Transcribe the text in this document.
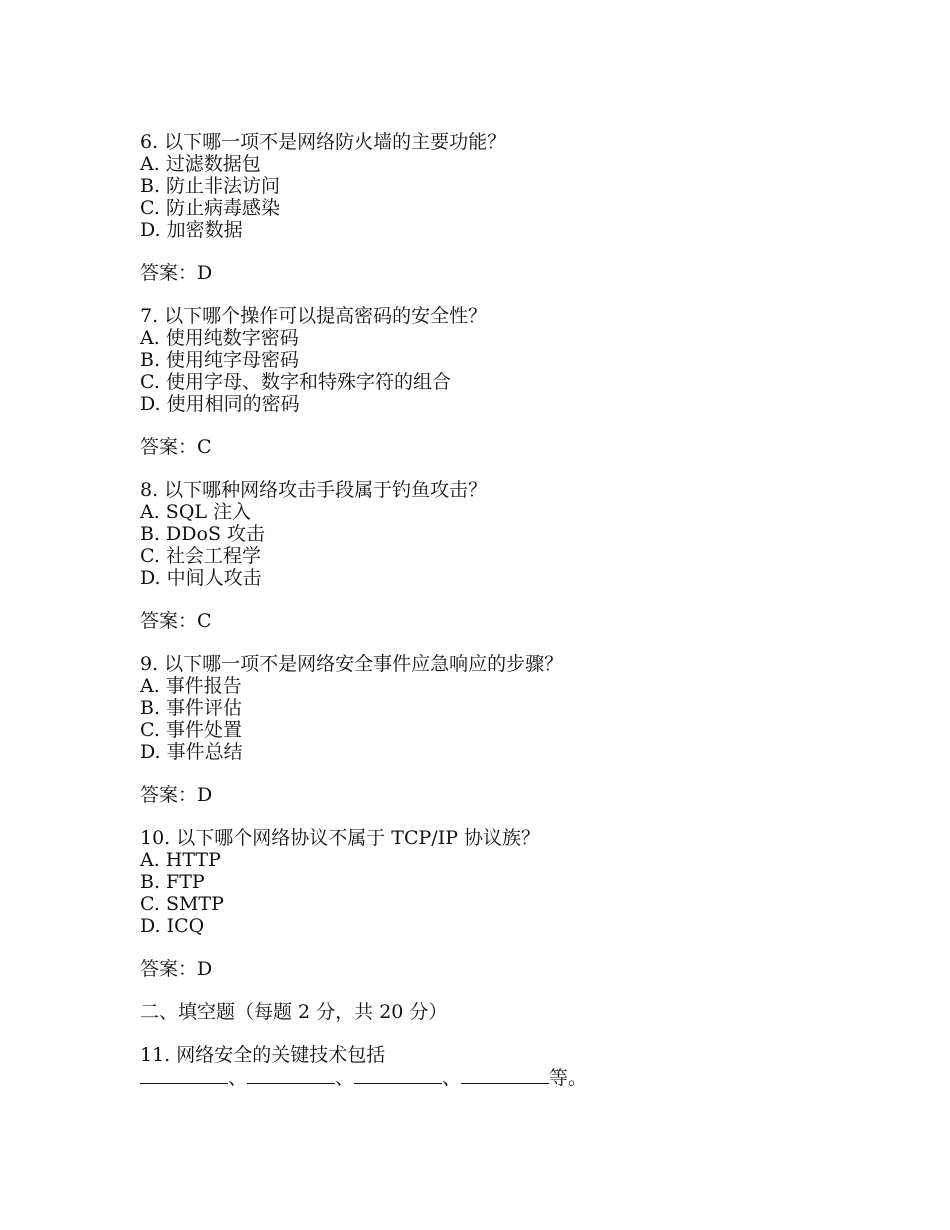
6. 以下哪一项不是网络防火墙的主要功能？
A. 过滤数据包
B. 防止非法访问
C. 防止病毒感染
D. 加密数据
答案：D
7. 以下哪个操作可以提高密码的安全性？
A. 使用纯数字密码
B. 使用纯字母密码
C. 使用字母、数字和特殊字符的组合
D. 使用相同的密码
答案：C
8. 以下哪种网络攻击手段属于钓鱼攻击？
A. SQL 注入
B. DDoS 攻击
C. 社会工程学
D. 中间人攻击
答案：C
9. 以下哪一项不是网络安全事件应急响应的步骤？
A. 事件报告
B. 事件评估
C. 事件处置
D. 事件总结
答案：D
10. 以下哪个网络协议不属于 TCP/IP 协议族？
A. HTTP
B. FTP
C. SMTP
D. ICQ
答案：D
二、填空题（每题 2 分，共 20 分）
11. 网络安全的关键技术包括
、	、	、	等。
